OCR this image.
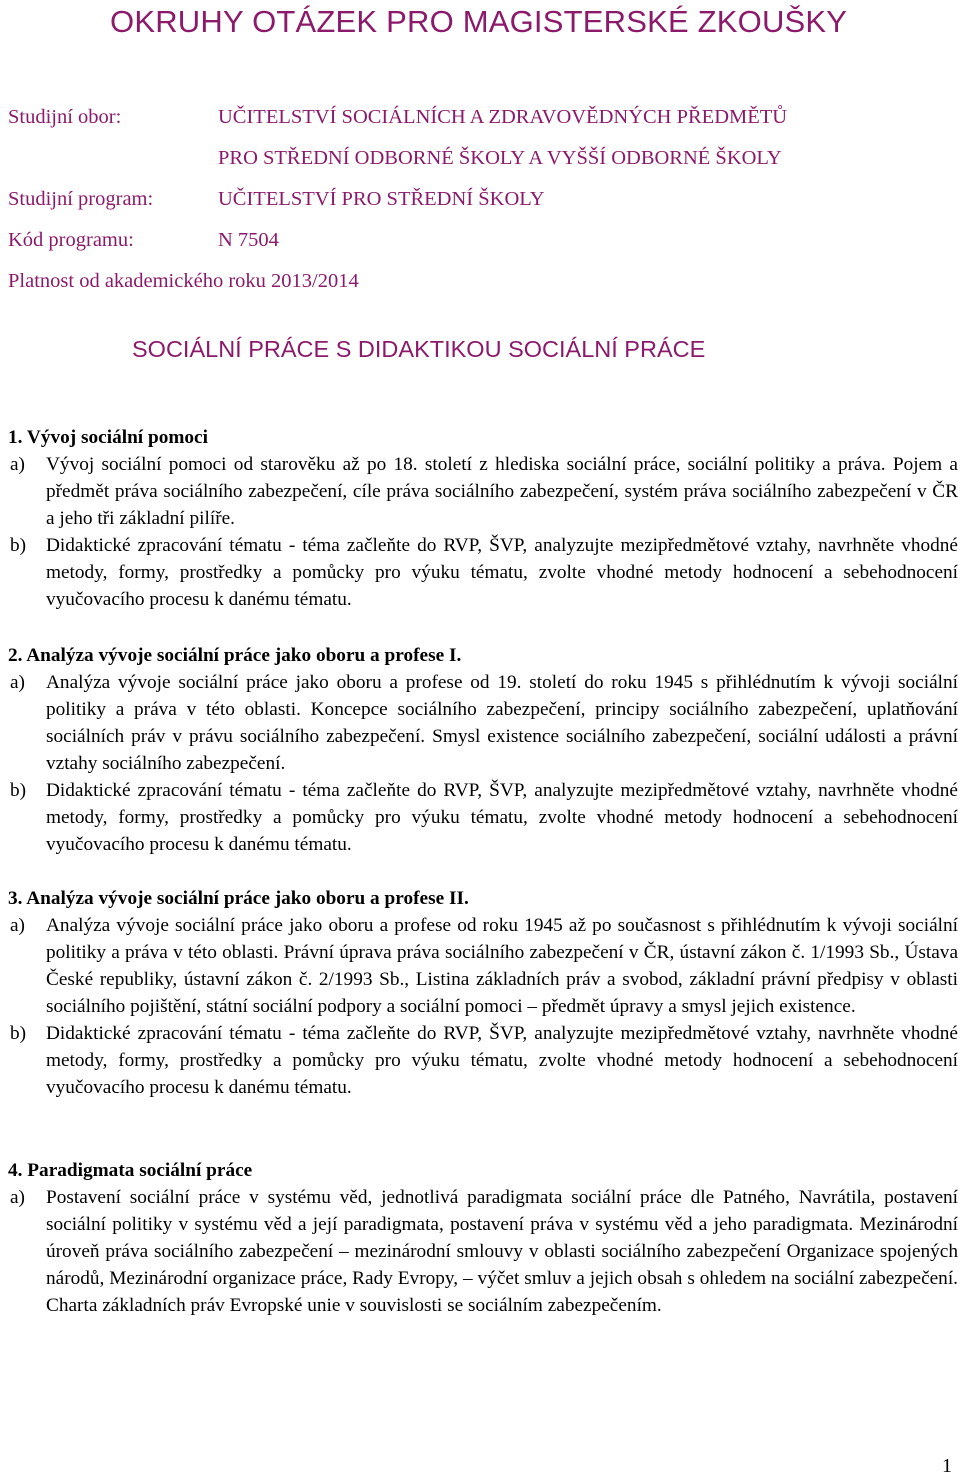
OKRUHY OTÁZEK PRO MAGISTERSKÉ ZKOUŠKY
Studijní obor:	UČITELSTVÍ SOCIÁLNÍCH A ZDRAVOVĚDNÝCH PŘEDMĚTŮ
PRO STŘEDNÍ ODBORNÉ ŠKOLY A VYŠŠÍ ODBORNÉ ŠKOLY
Studijní program:	UČITELSTVÍ PRO STŘEDNÍ ŠKOLY
Kód programu:	N 7504
Platnost od akademického roku 2013/2014
SOCIÁLNÍ PRÁCE S DIDAKTIKOU SOCIÁLNÍ PRÁCE
1. Vývoj sociální pomoci
a) Vývoj sociální pomoci od starověku až po 18. století z hlediska sociální práce, sociální politiky a práva. Pojem a předmět práva sociálního zabezpečení, cíle práva sociálního zabezpečení, systém práva sociálního zabezpečení v ČR a jeho tři základní pilíře.
b) Didaktické zpracování tématu - téma začleňte do RVP, ŠVP, analyzujte mezipředmětové vztahy, navrhněte vhodné metody, formy, prostředky a pomůcky pro výuku tématu, zvolte vhodné metody hodnocení a sebehodnocení vyučovacího procesu k danému tématu.
2. Analýza vývoje sociální práce jako oboru a profese I.
a) Analýza vývoje sociální práce jako oboru a profese od 19. století do roku 1945 s přihlédnutím k vývoji sociální politiky a práva v této oblasti. Koncepce sociálního zabezpečení, principy sociálního zabezpečení, uplatňování sociálních práv v právu sociálního zabezpečení. Smysl existence sociálního zabezpečení, sociální události a právní vztahy sociálního zabezpečení.
b) Didaktické zpracování tématu - téma začleňte do RVP, ŠVP, analyzujte mezipředmětové vztahy, navrhněte vhodné metody, formy, prostředky a pomůcky pro výuku tématu, zvolte vhodné metody hodnocení a sebehodnocení vyučovacího procesu k danému tématu.
3. Analýza vývoje sociální práce jako oboru a profese II.
a) Analýza vývoje sociální práce jako oboru a profese od roku 1945 až po současnost s přihlédnutím k vývoji sociální politiky a práva v této oblasti. Právní úprava práva sociálního zabezpečení v ČR, ústavní zákon č. 1/1993 Sb., Ústava České republiky, ústavní zákon č. 2/1993 Sb., Listina základních práv a svobod, základní právní předpisy v oblasti sociálního pojištění, státní sociální podpory a sociální pomoci – předmět úpravy a smysl jejich existence.
b) Didaktické zpracování tématu - téma začleňte do RVP, ŠVP, analyzujte mezipředmětové vztahy, navrhněte vhodné metody, formy, prostředky a pomůcky pro výuku tématu, zvolte vhodné metody hodnocení a sebehodnocení vyučovacího procesu k danému tématu.
4. Paradigmata sociální práce
a) Postavení sociální práce v systému věd, jednotlivá paradigmata sociální práce dle Patného, Navrátila, postavení sociální politiky v systému věd a její paradigmata, postavení práva v systému věd a jeho paradigmata. Mezinárodní úroveň práva sociálního zabezpečení – mezinárodní smlouvy v oblasti sociálního zabezpečení Organizace spojených národů, Mezinárodní organizace práce, Rady Evropy, – výčet smluv a jejich obsah s ohledem na sociální zabezpečení. Charta základních práv Evropské unie v souvislosti se sociálním zabezpečením.
1
